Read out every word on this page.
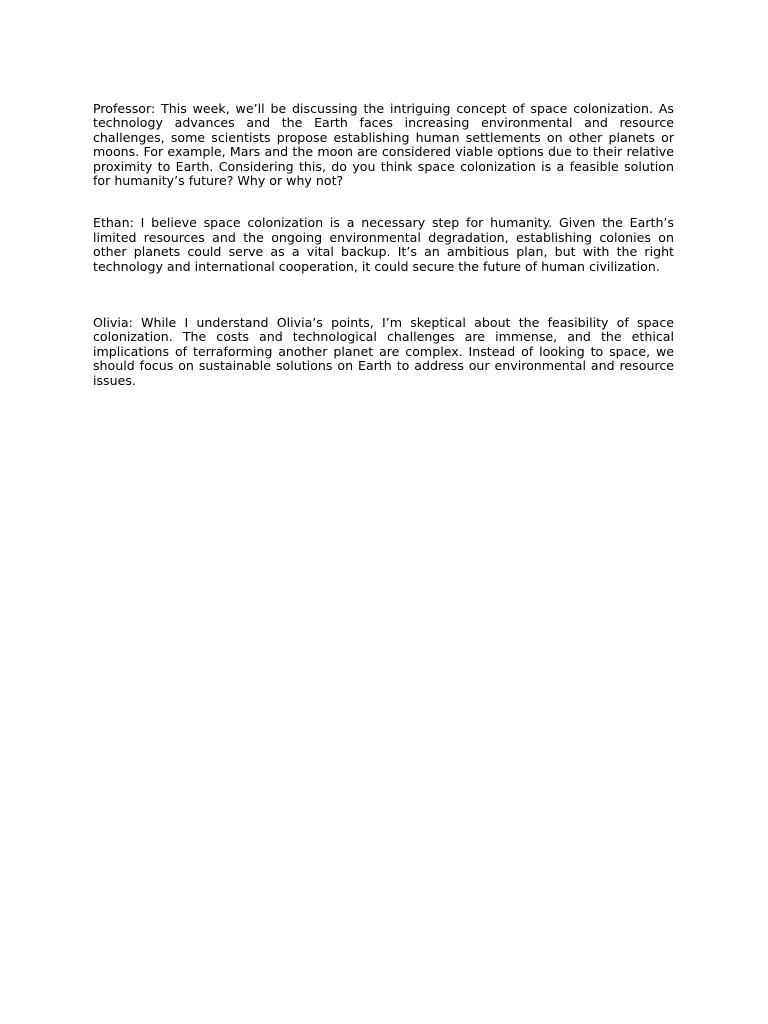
Professor: This week, we’ll be discussing the intriguing concept of space colonization. As technology advances and the Earth faces increasing environmental and resource challenges, some scientists propose establishing human settlements on other planets or moons. For example, Mars and the moon are considered viable options due to their relative proximity to Earth. Considering this, do you think space colonization is a feasible solution for humanity’s future? Why or why not?

Ethan: I believe space colonization is a necessary step for humanity. Given the Earth’s limited resources and the ongoing environmental degradation, establishing colonies on other planets could serve as a vital backup. It’s an ambitious plan, but with the right technology and international cooperation, it could secure the future of human civilization.

Olivia: While I understand Olivia’s points, I’m skeptical about the feasibility of space colonization. The costs and technological challenges are immense, and the ethical implications of terraforming another planet are complex. Instead of looking to space, we should focus on sustainable solutions on Earth to address our environmental and resource issues.
